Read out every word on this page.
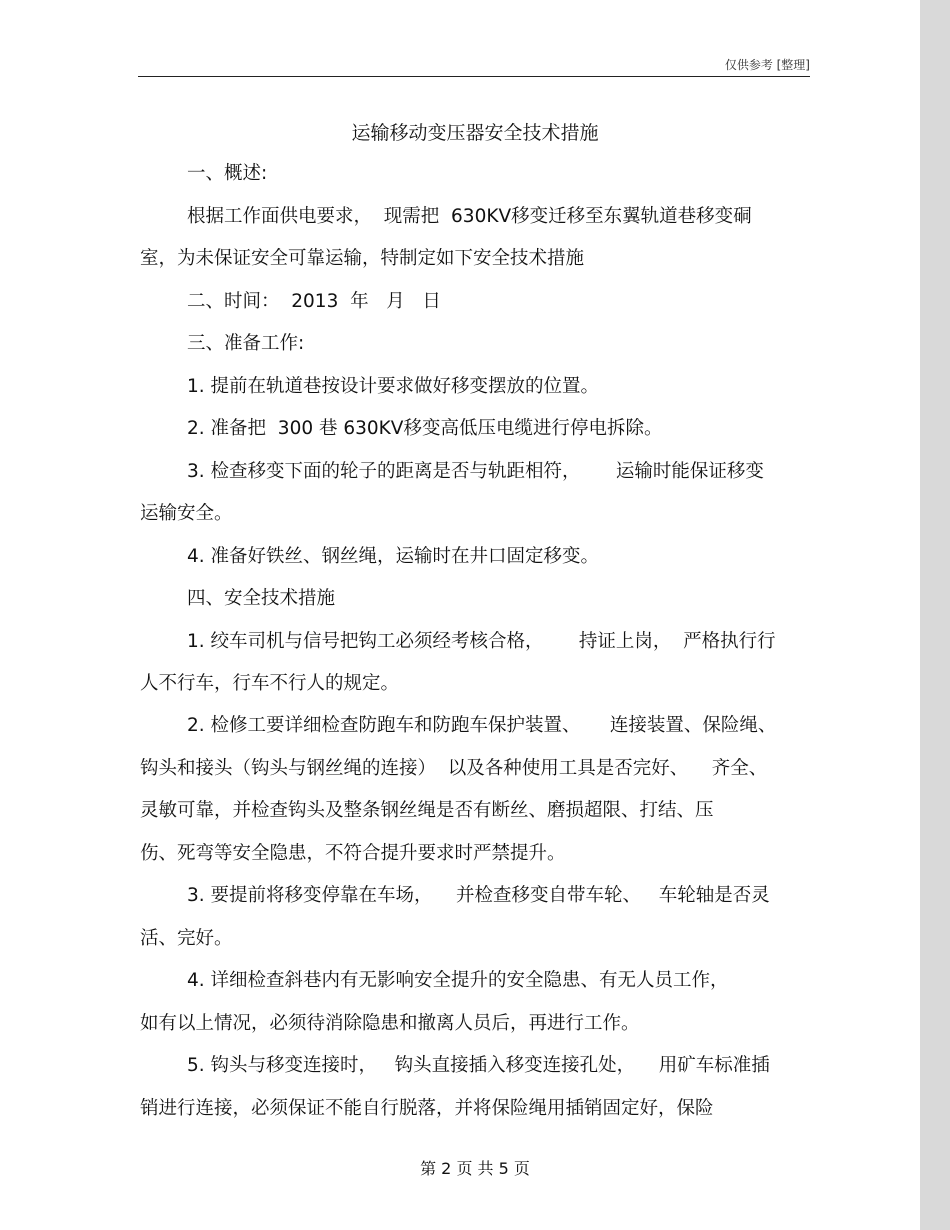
仅供参考 [整理]
运输移动变压器安全技术措施
一、概述:
根据工作面供电要求，  现需把  630KV移变迁移至东翼轨道巷移变硐
室，为未保证安全可靠运输，特制定如下安全技术措施
二、时间：  2013  年   月   日
三、准备工作:
1. 提前在轨道巷按设计要求做好移变摆放的位置。
2. 准备把  300 巷 630KV移变高低压电缆进行停电拆除。
3. 检查移变下面的轮子的距离是否与轨距相符，      运输时能保证移变
运输安全。
4. 准备好铁丝、钢丝绳，运输时在井口固定移变。
四、安全技术措施
1. 绞车司机与信号把钩工必须经考核合格，      持证上岗，  严格执行行
人不行车，行车不行人的规定。
2. 检修工要详细检查防跑车和防跑车保护装置、     连接装置、保险绳、
钩头和接头（钩头与钢丝绳的连接）  以及各种使用工具是否完好、    齐全、
灵敏可靠，并检查钩头及整条钢丝绳是否有断丝、磨损超限、打结、压
伤、死弯等安全隐患，不符合提升要求时严禁提升。
3. 要提前将移变停靠在车场，    并检查移变自带车轮、   车轮轴是否灵
活、完好。
4. 详细检查斜巷内有无影响安全提升的安全隐患、有无人员工作，
如有以上情况，必须待消除隐患和撤离人员后，再进行工作。
5. 钩头与移变连接时，   钩头直接插入移变连接孔处，    用矿车标准插
销进行连接，必须保证不能自行脱落，并将保险绳用插销固定好，保险
第 2 页 共 5 页
